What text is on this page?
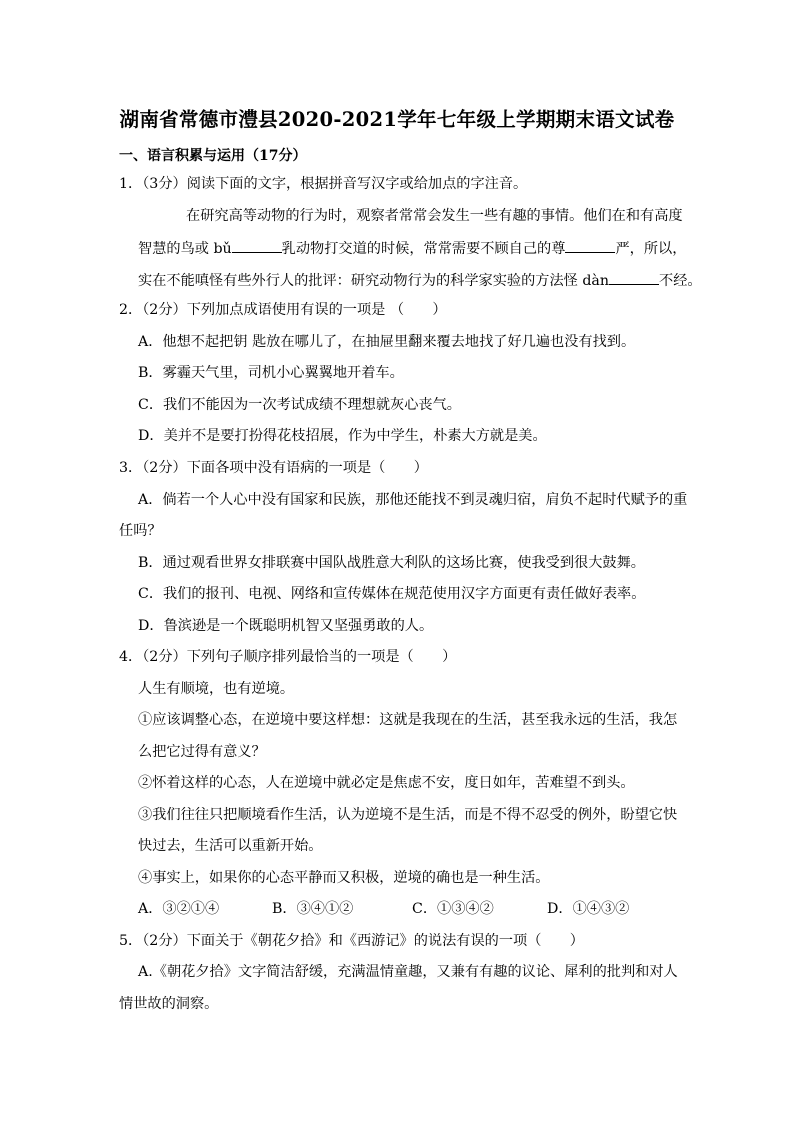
湖南省常德市澧县2020-2021学年七年级上学期期末语文试卷
一、语言积累与运用（17分）
1．（3分）阅读下面的文字，根据拼音写汉字或给加点的字注音。
在研究高等动物的行为时，观察者常常会发生一些有趣的事情。他们在和有高度
智慧的鸟或 bǔ	乳动物打交道的时候，常常需要不顾自己的尊	严，所以，
实在不能嗔怪有些外行人的批评：研究动物行为的科学家实验的方法怪 dàn	不经。
2．（2分）下列加点成语使用有误的一项是 （　　）
A．他想不起把钥 匙放在哪儿了，在抽屉里翻来覆去地找了好几遍也没有找到。
B．雾霾天气里，司机小心翼翼地开着车。
C．我们不能因为一次考试成绩不理想就灰心丧气。
D．美并不是要打扮得花枝招展，作为中学生，朴素大方就是美。
3．（2分）下面各项中没有语病的一项是（　　）
A．倘若一个人心中没有国家和民族，那他还能找不到灵魂归宿，肩负不起时代赋予的重
任吗？
B．通过观看世界女排联赛中国队战胜意大利队的这场比赛，使我受到很大鼓舞。
C．我们的报刊、电视、网络和宣传媒体在规范使用汉字方面更有责任做好表率。
D．鲁滨逊是一个既聪明机智又坚强勇敢的人。
4．（2分）下列句子顺序排列最恰当的一项是（　　）
人生有顺境，也有逆境。
①应该调整心态，在逆境中要这样想：这就是我现在的生活，甚至我永远的生活，我怎
么把它过得有意义？
②怀着这样的心态，人在逆境中就必定是焦虑不安，度日如年，苦难望不到头。
③我们往往只把顺境看作生活，认为逆境不是生活，而是不得不忍受的例外，盼望它快
快过去，生活可以重新开始。
④事实上，如果你的心态平静而又积极，逆境的确也是一种生活。
A．③②①④	B．③④①②	C．①③④②	D．①④③②
5．（2分）下面关于《朝花夕拾》和《西游记》的说法有误的一项（　　）
A.《朝花夕拾》文字简洁舒缓，充满温情童趣，又兼有有趣的议论、犀利的批判和对人
情世故的洞察。
